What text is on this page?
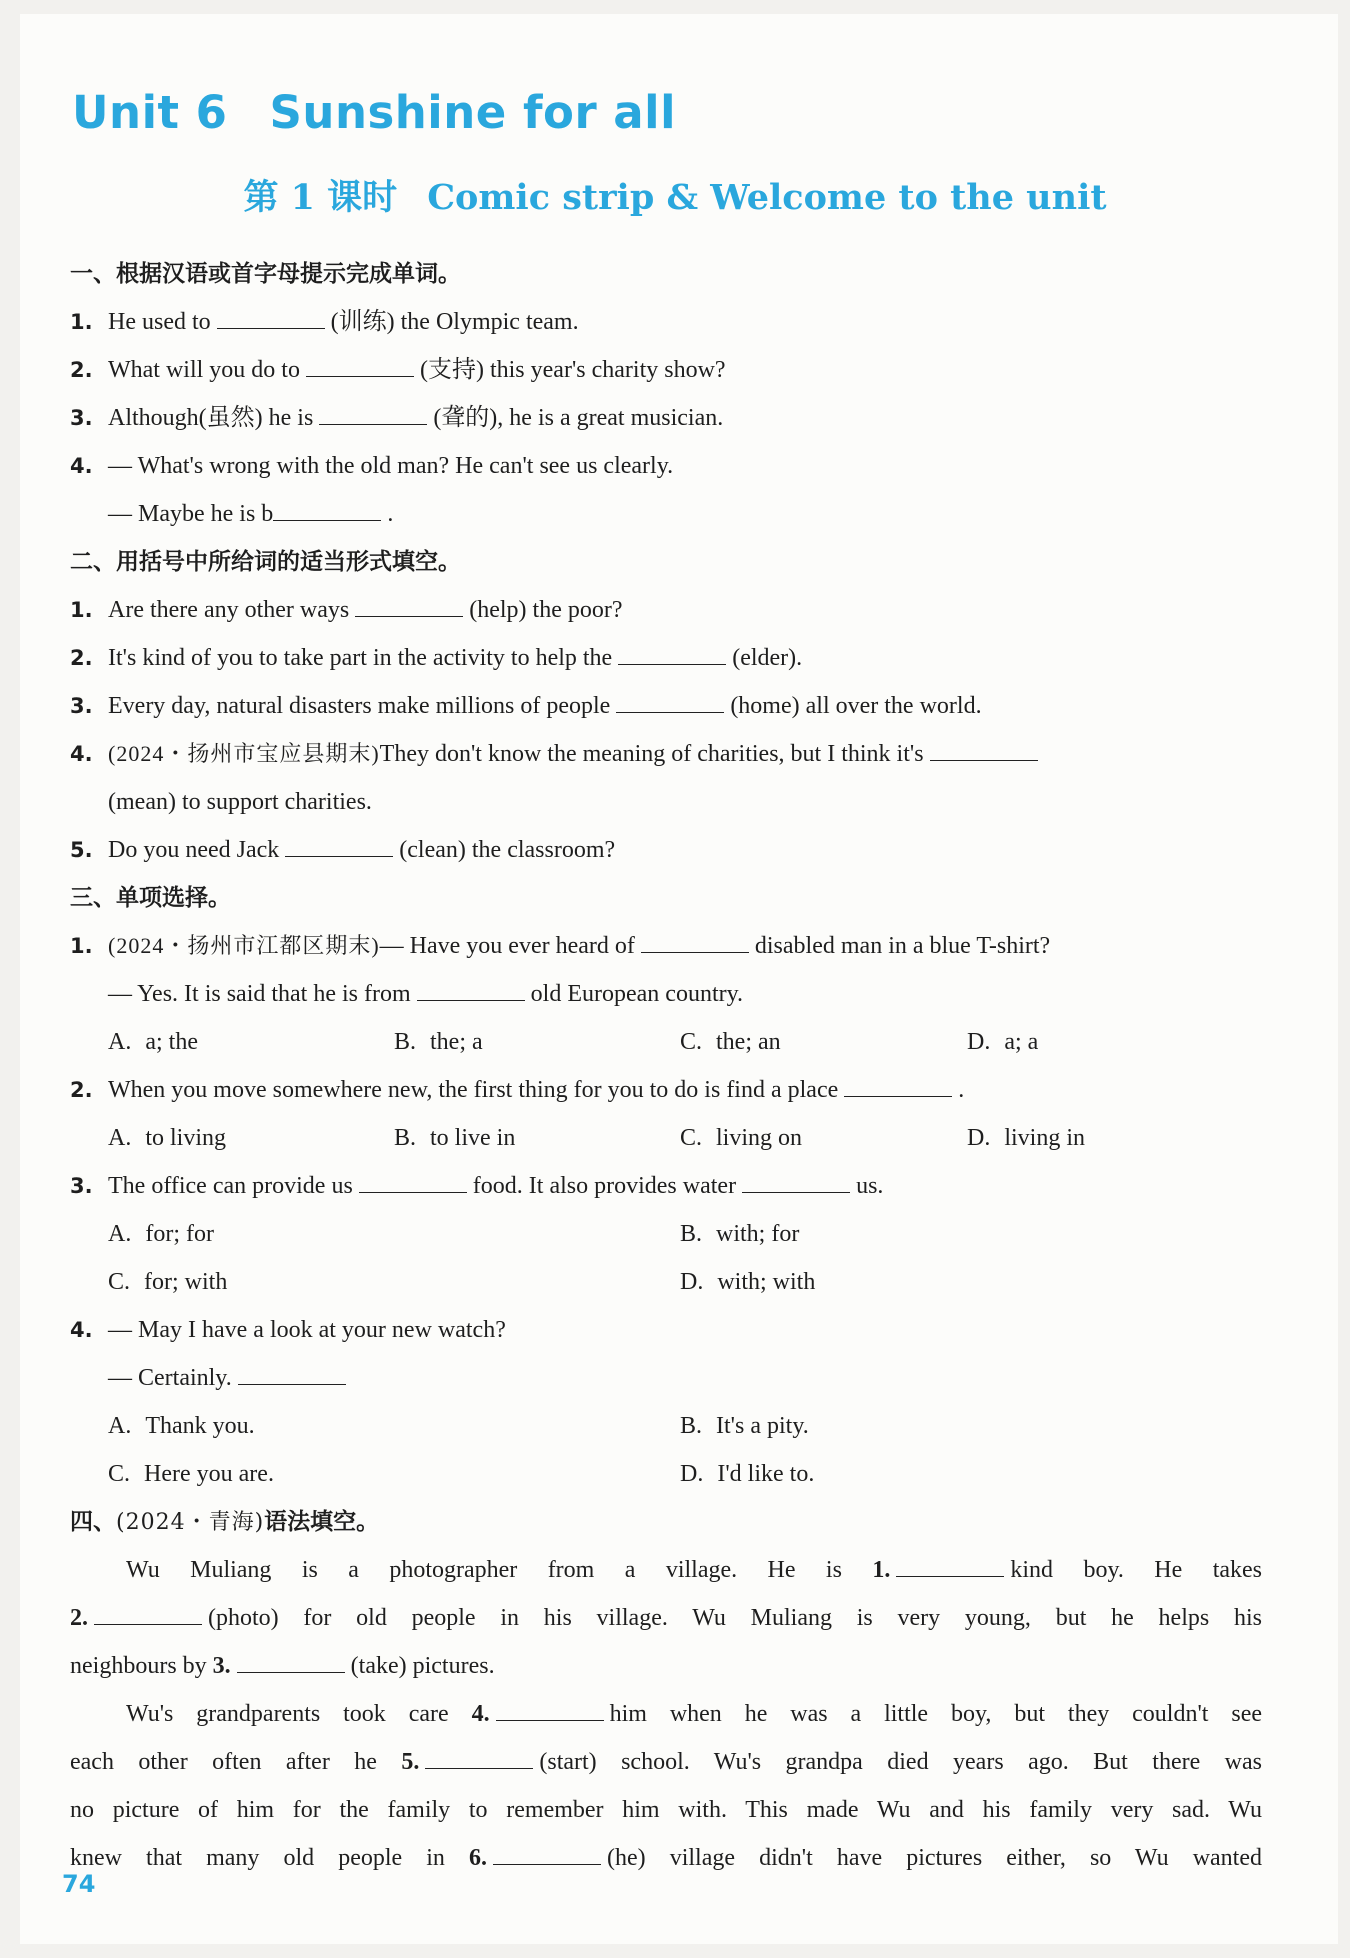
Unit 6 Sunshine for all
第 1 课时 Comic strip & Welcome to the unit
一、根据汉语或首字母提示完成单词。
1. He used to	(训练) the Olympic team.
2. What will you do to	(支持) this year's charity show?
3. Although(虽然) he is	(聋的), he is a great musician.
4. — What's wrong with the old man? He can't see us clearly.
— Maybe he is b	.
二、用括号中所给词的适当形式填空。
1. Are there any other ways	(help) the poor?
2. It's kind of you to take part in the activity to help the	(elder).
3. Every day, natural disasters make millions of people	(home) all over the world.
4. (2024・扬州市宝应县期末)They don't know the meaning of charities, but I think it's
(mean) to support charities.
5. Do you need Jack	(clean) the classroom?
三、单项选择。
1. (2024・扬州市江都区期末)— Have you ever heard of	disabled man in a blue T-shirt?
— Yes. It is said that he is from	old European country.
A. a; the	B. the; a	C. the; an	D. a; a
2. When you move somewhere new, the first thing for you to do is find a place	.
A. to living	B. to live in	C. living on	D. living in
3. The office can provide us	food. It also provides water	us.
A. for; for	B. with; for
C. for; with	D. with; with
4. — May I have a look at your new watch?
— Certainly.
A. Thank you.	B. It's a pity.
C. Here you are.	D. I'd like to.
四、(2024・青海)语法填空。
Wu Muliang is a photographer from a village. He is 1.	kind boy. He takes
2.	(photo) for old people in his village. Wu Muliang is very young, but he helps his
neighbours by 3.	(take) pictures.
Wu's grandparents took care 4.	him when he was a little boy, but they couldn't see
each other often after he 5.	(start) school. Wu's grandpa died years ago. But there was
no picture of him for the family to remember him with. This made Wu and his family very sad. Wu
knew that many old people in 6.	(he) village didn't have pictures either, so Wu wanted
74
